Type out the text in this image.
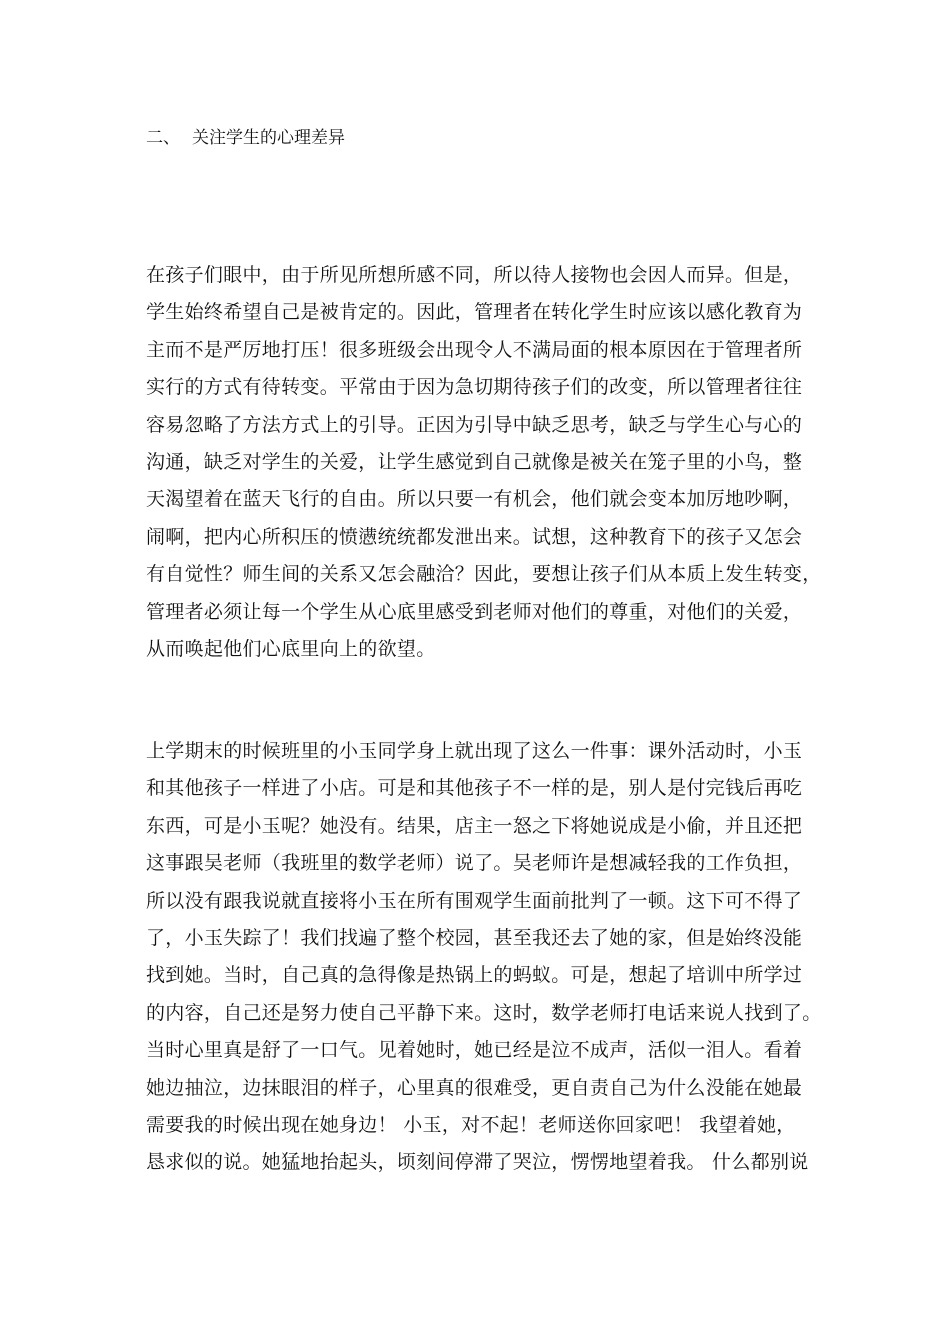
二、 关注学生的心理差异
在孩子们眼中，由于所见所想所感不同，所以待人接物也会因人而异。但是，
学生始终希望自己是被肯定的。因此，管理者在转化学生时应该以感化教育为
主而不是严厉地打压！很多班级会出现令人不满局面的根本原因在于管理者所
实行的方式有待转变。平常由于因为急切期待孩子们的改变，所以管理者往往
容易忽略了方法方式上的引导。正因为引导中缺乏思考，缺乏与学生心与心的
沟通，缺乏对学生的关爱，让学生感觉到自己就像是被关在笼子里的小鸟，整
天渴望着在蓝天飞行的自由。所以只要一有机会，他们就会变本加厉地吵啊，
闹啊，把内心所积压的愤懑统统都发泄出来。试想，这种教育下的孩子又怎会
有自觉性？师生间的关系又怎会融洽？因此，要想让孩子们从本质上发生转变，
管理者必须让每一个学生从心底里感受到老师对他们的尊重，对他们的关爱，
从而唤起他们心底里向上的欲望。
上学期末的时候班里的小玉同学身上就出现了这么一件事：课外活动时，小玉
和其他孩子一样进了小店。可是和其他孩子不一样的是，别人是付完钱后再吃
东西，可是小玉呢？她没有。结果，店主一怒之下将她说成是小偷，并且还把
这事跟吴老师（我班里的数学老师）说了。吴老师许是想减轻我的工作负担，
所以没有跟我说就直接将小玉在所有围观学生面前批判了一顿。这下可不得了
了，小玉失踪了！我们找遍了整个校园，甚至我还去了她的家，但是始终没能
找到她。当时，自己真的急得像是热锅上的蚂蚁。可是，想起了培训中所学过
的内容，自己还是努力使自己平静下来。这时，数学老师打电话来说人找到了。
当时心里真是舒了一口气。见着她时，她已经是泣不成声，活似一泪人。看着
她边抽泣，边抹眼泪的样子，心里真的很难受，更自责自己为什么没能在她最
需要我的时候出现在她身边！ 小玉，对不起！老师送你回家吧！ 我望着她，
恳求似的说。她猛地抬起头，顷刻间停滞了哭泣，愣愣地望着我。 什么都别说
